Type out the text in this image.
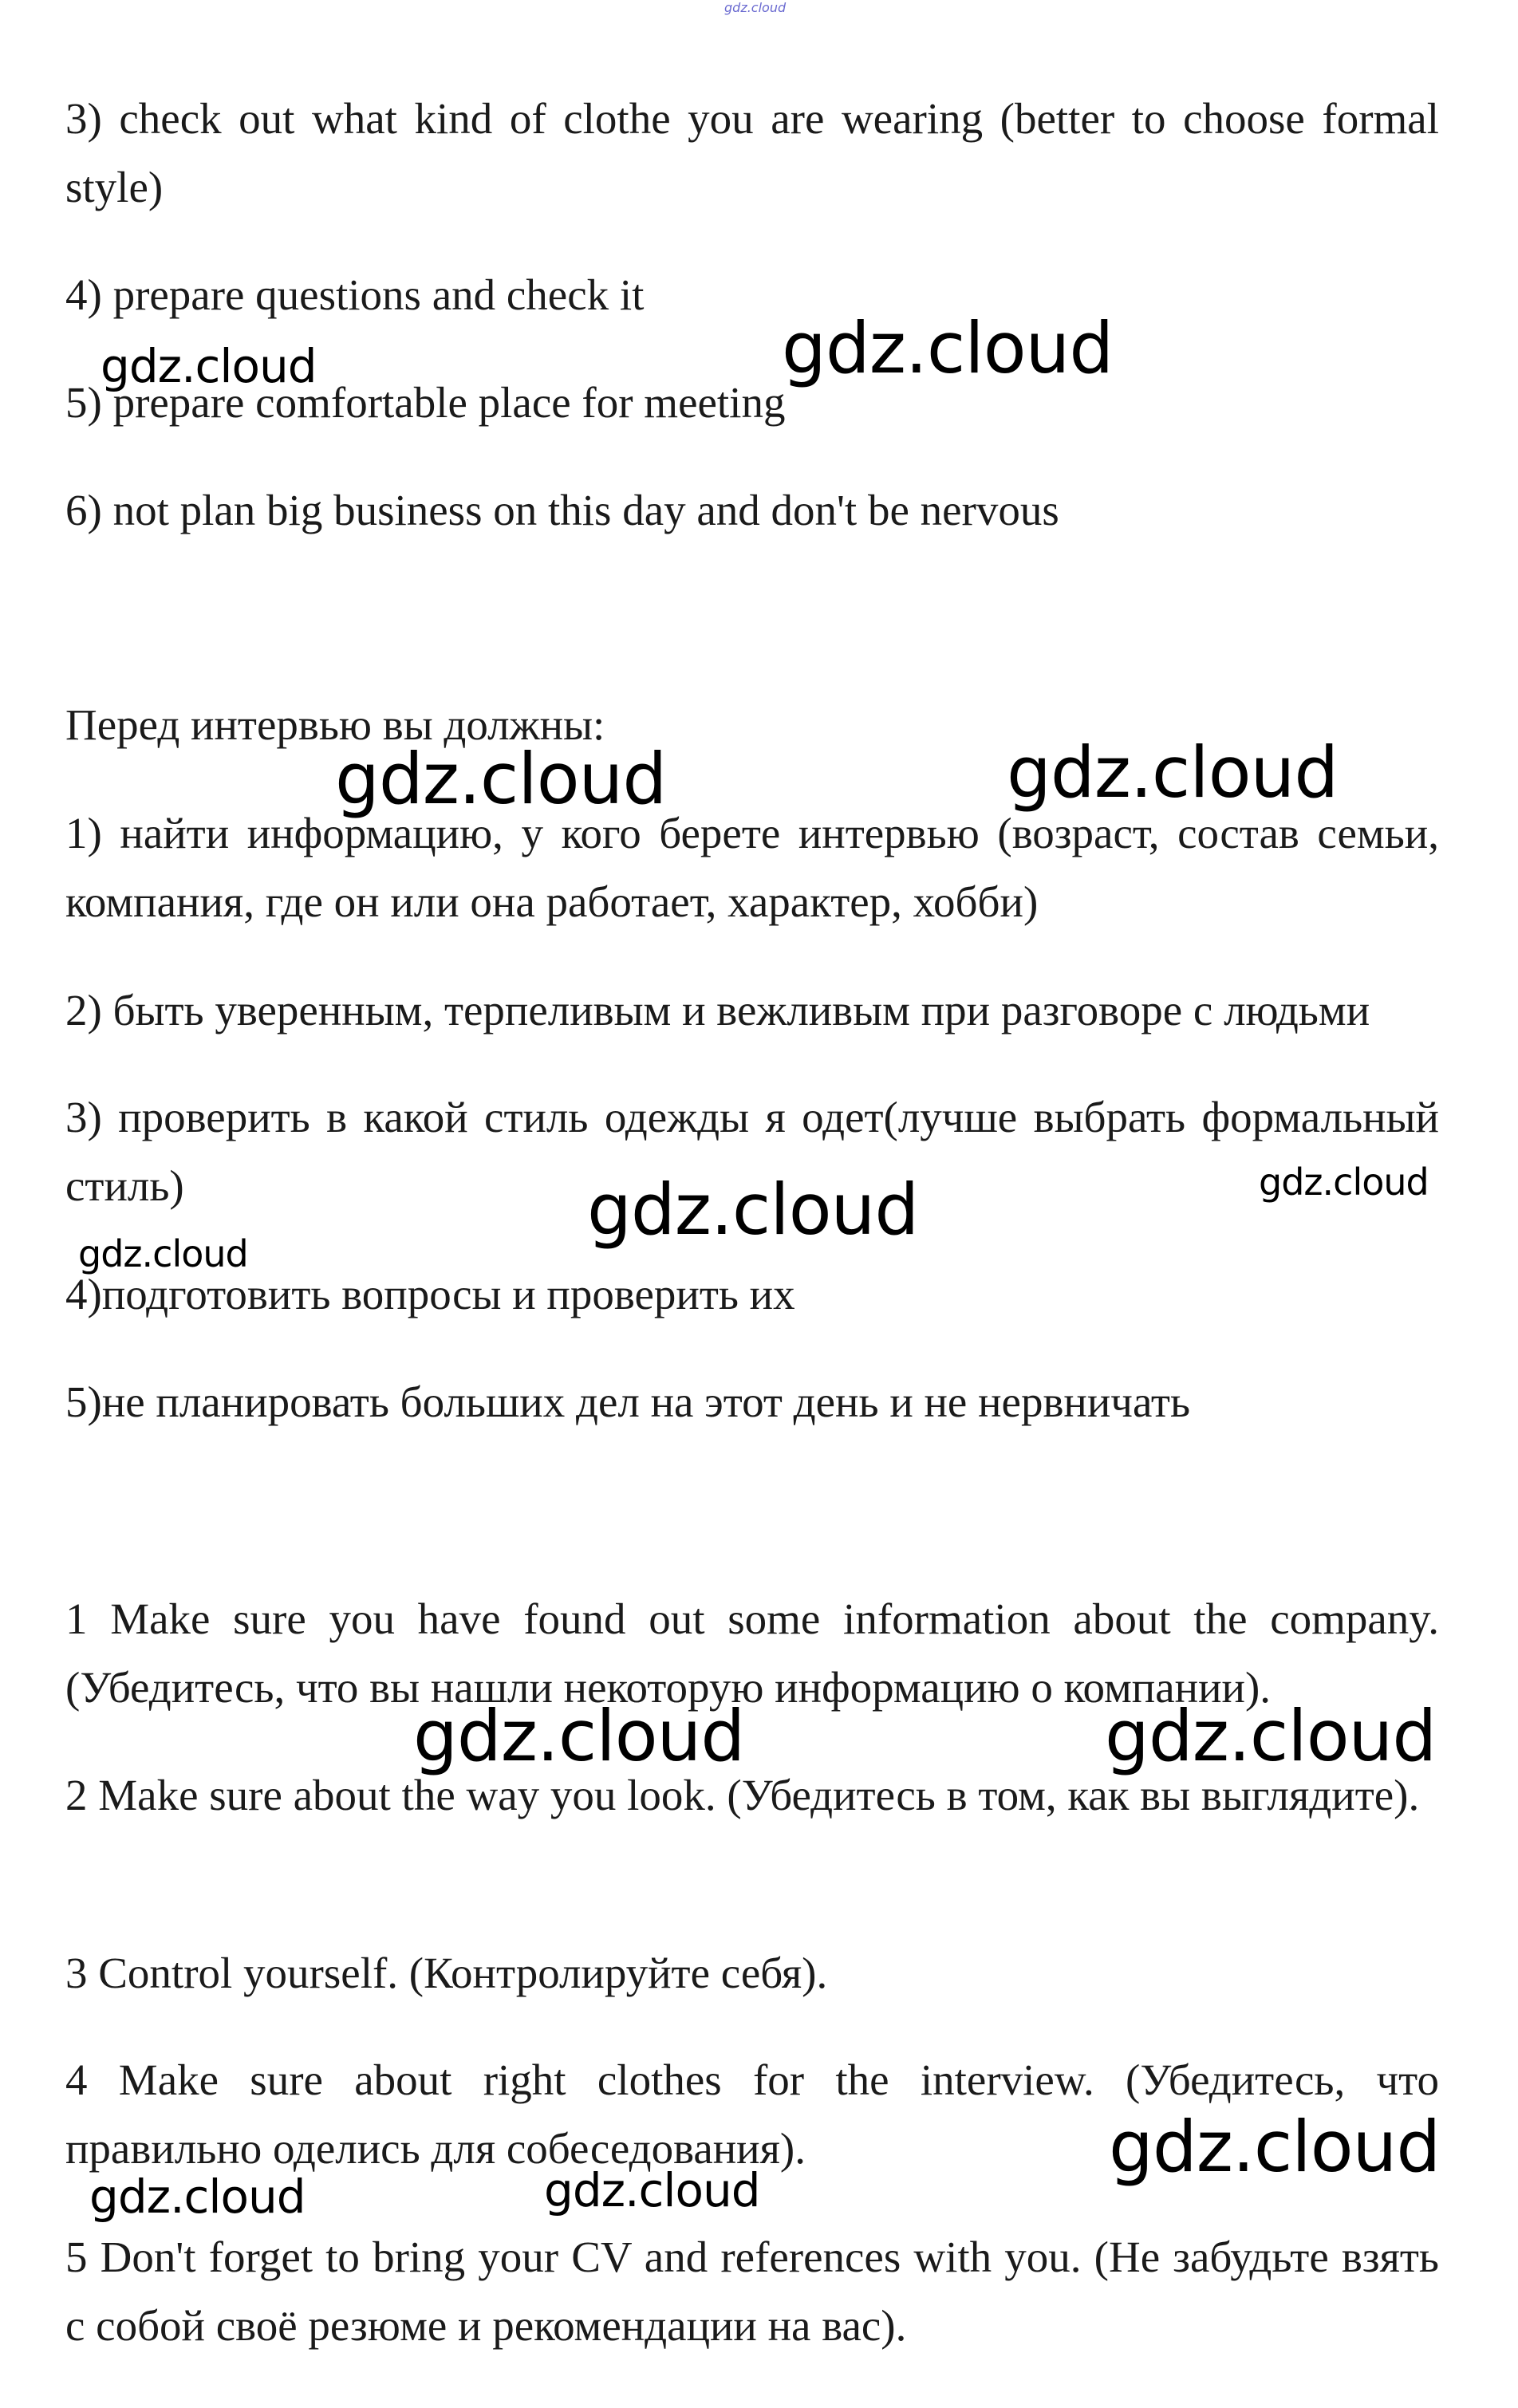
gdz.cloud

3) check out what kind of clothe you are wearing (better to choose formal style)

4) prepare questions and check it

5) prepare comfortable place for meeting

6) not plan big business on this day and don't be nervous

Перед интервью вы должны:

1) найти информацию, у кого берете интервью (возраст, состав семьи, компания, где он или она работает, характер, хобби)

2) быть уверенным, терпеливым и вежливым при разговоре с людьми

3) проверить в какой стиль одежды я одет(лучше выбрать формальный стиль)

4)подготовить вопросы и проверить их

5)не планировать больших дел на этот день и не нервничать

1 Make sure you have found out some information about the company. (Убедитесь, что вы нашли некоторую информацию о компании).

2 Make sure about the way you look. (Убедитесь в том, как вы выглядите).

3 Control yourself. (Контролируйте себя).

4 Make sure about right clothes for the interview. (Убедитесь, что правильно оделись для собеседования).

5 Don't forget to bring your CV and references with you. (Не забудьте взять с собой своё резюме и рекомендации на вас).

gdz.cloud
gdz.cloud
gdz.cloud	gdz.cloud
gdz.cloud	gdz.cloud
gdz.cloud
gdz.cloud	gdz.cloud
gdz.cloud
gdz.cloud	gdz.cloud
